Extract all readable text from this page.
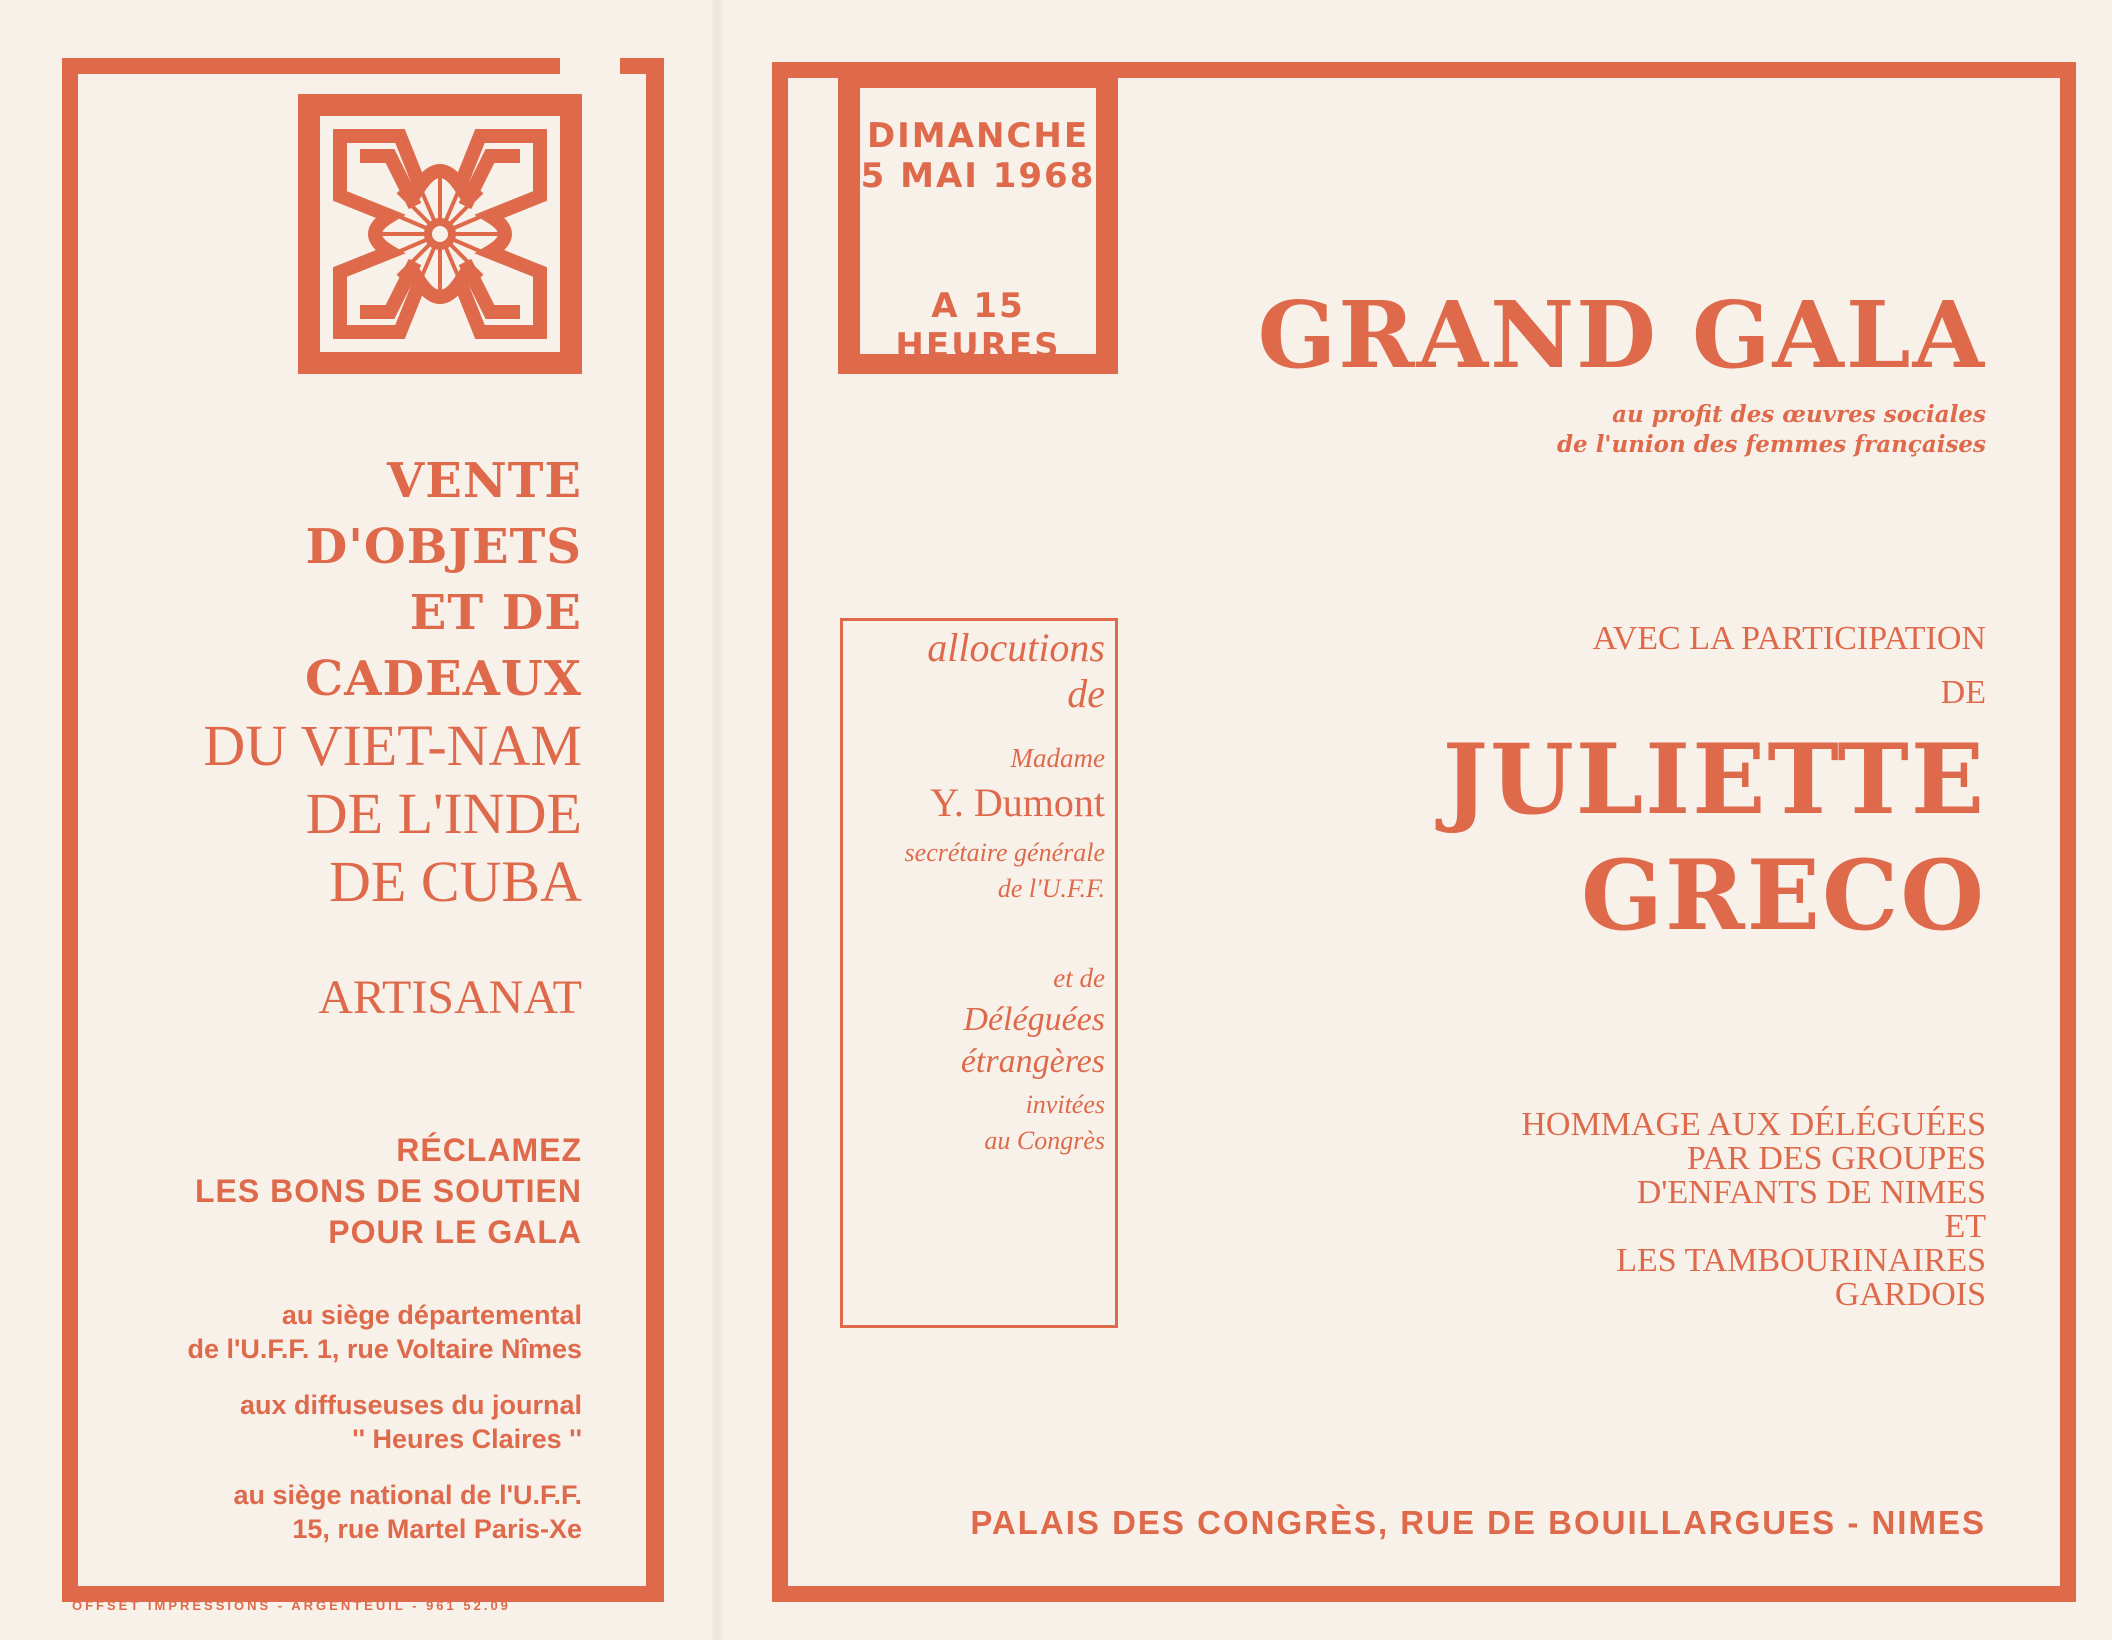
VENTE
D'OBJETS
ET DE
CADEAUX
DU VIET-NAM
DE L'INDE
DE CUBA
ARTISANAT
RÉCLAMEZ
LES BONS DE SOUTIEN
POUR LE GALA
au siège départemental
de l'U.F.F. 1, rue Voltaire Nîmes
aux diffuseuses du journal
'' Heures Claires ''
au siège national de l'U.F.F.
15, rue Martel Paris-Xe
OFFSET IMPRESSIONS - ARGENTEUIL - 961 52.09
DIMANCHE
5 MAI 1968
A 15 HEURES	GRAND GALA
au profit des œuvres sociales
de l'union des femmes françaises
AVEC LA PARTICIPATION
DE
JULIETTE
GRECO
allocutions
de
Madame
Y. Dumont
secrétaire générale
de l'U.F.F.
et de
Déléguées
étrangères
invitées
au Congrès	HOMMAGE AUX DÉLÉGUÉES
PAR DES GROUPES
D'ENFANTS DE NIMES
ET
LES TAMBOURINAIRES
GARDOIS
PALAIS DES CONGRÈS, RUE DE BOUILLARGUES - NIMES
